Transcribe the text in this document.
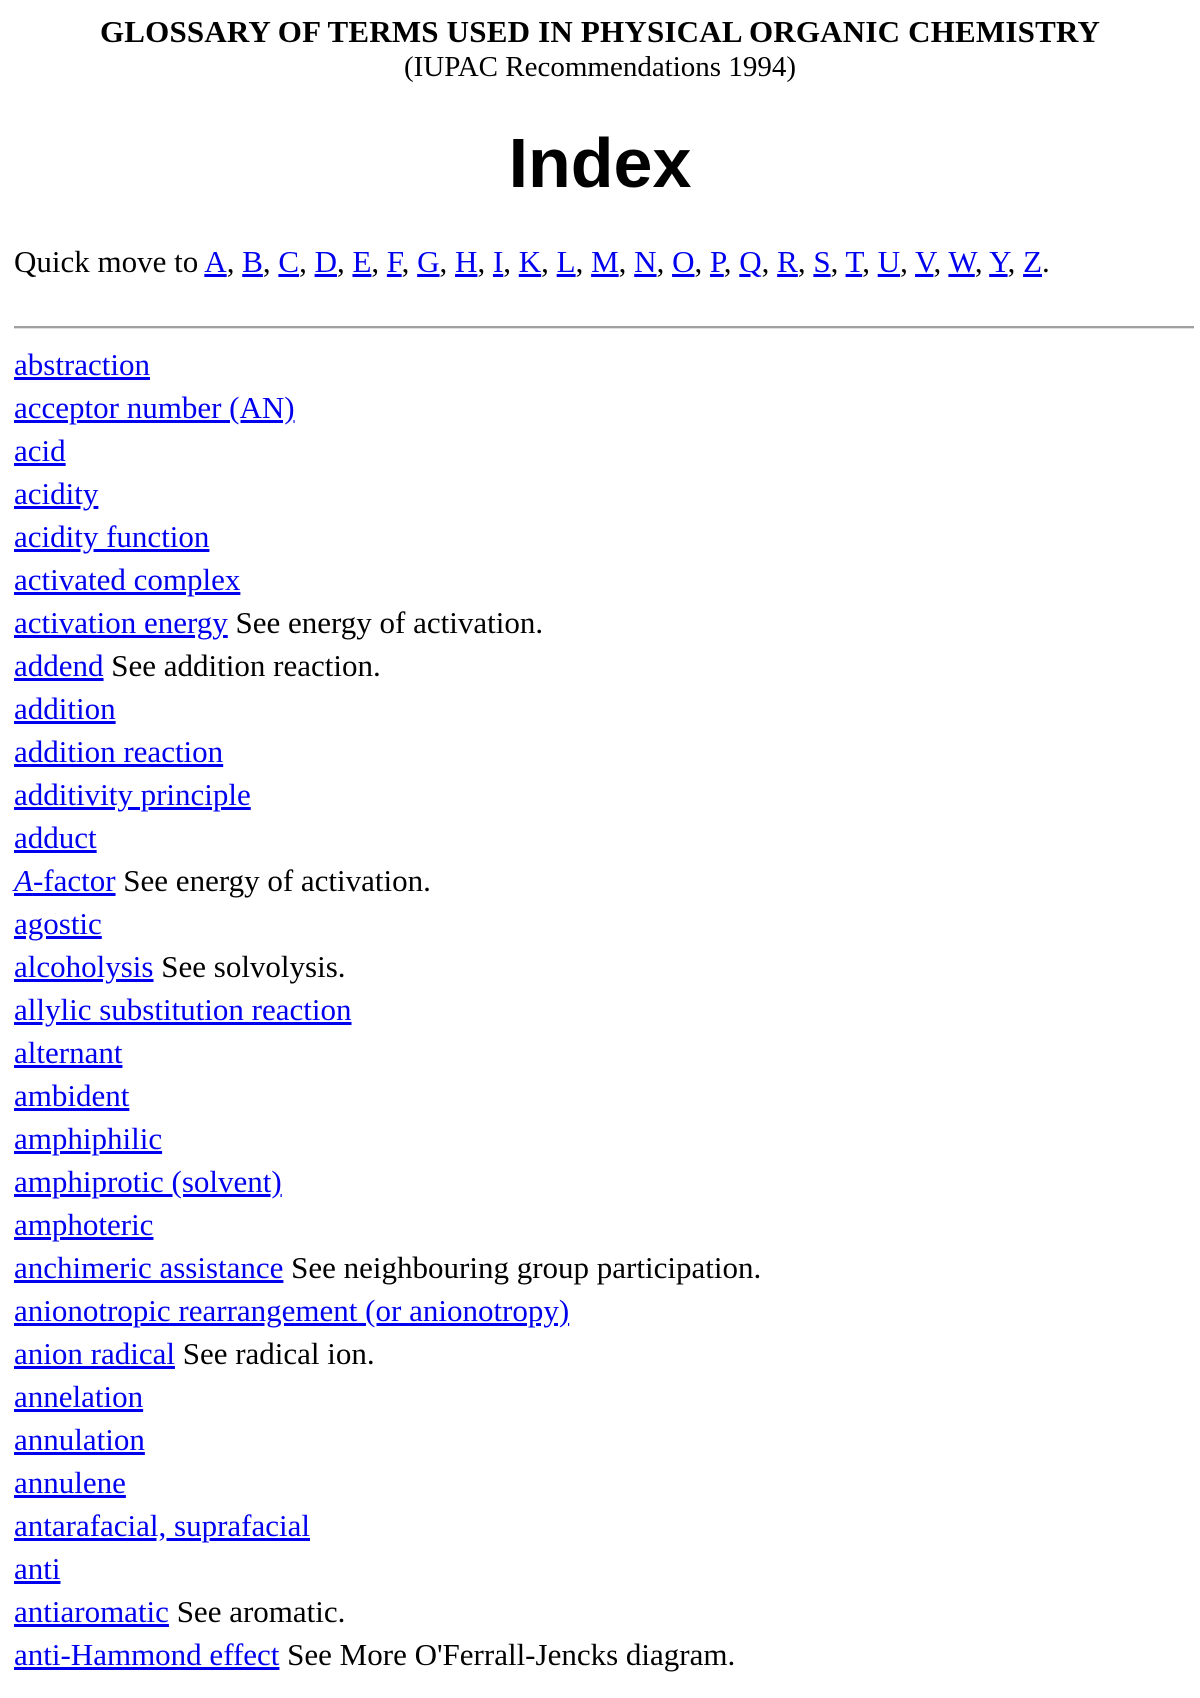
GLOSSARY OF TERMS USED IN PHYSICAL ORGANIC CHEMISTRY

(IUPAC Recommendations 1994)

Index

Quick move to A, B, C, D, E, F, G, H, I, K, L, M, N, O, P, Q, R, S, T, U, V, W, Y, Z.

abstraction
acceptor number (AN)
acid
acidity
acidity function
activated complex
activation energy See energy of activation.
addend See addition reaction.
addition
addition reaction
additivity principle
adduct
A-factor See energy of activation.
agostic
alcoholysis See solvolysis.
allylic substitution reaction
alternant
ambident
amphiphilic
amphiprotic (solvent)
amphoteric
anchimeric assistance See neighbouring group participation.
anionotropic rearrangement (or anionotropy)
anion radical See radical ion.
annelation
annulation
annulene
antarafacial, suprafacial
anti
antiaromatic See aromatic.
anti-Hammond effect See More O'Ferrall-Jencks diagram.
